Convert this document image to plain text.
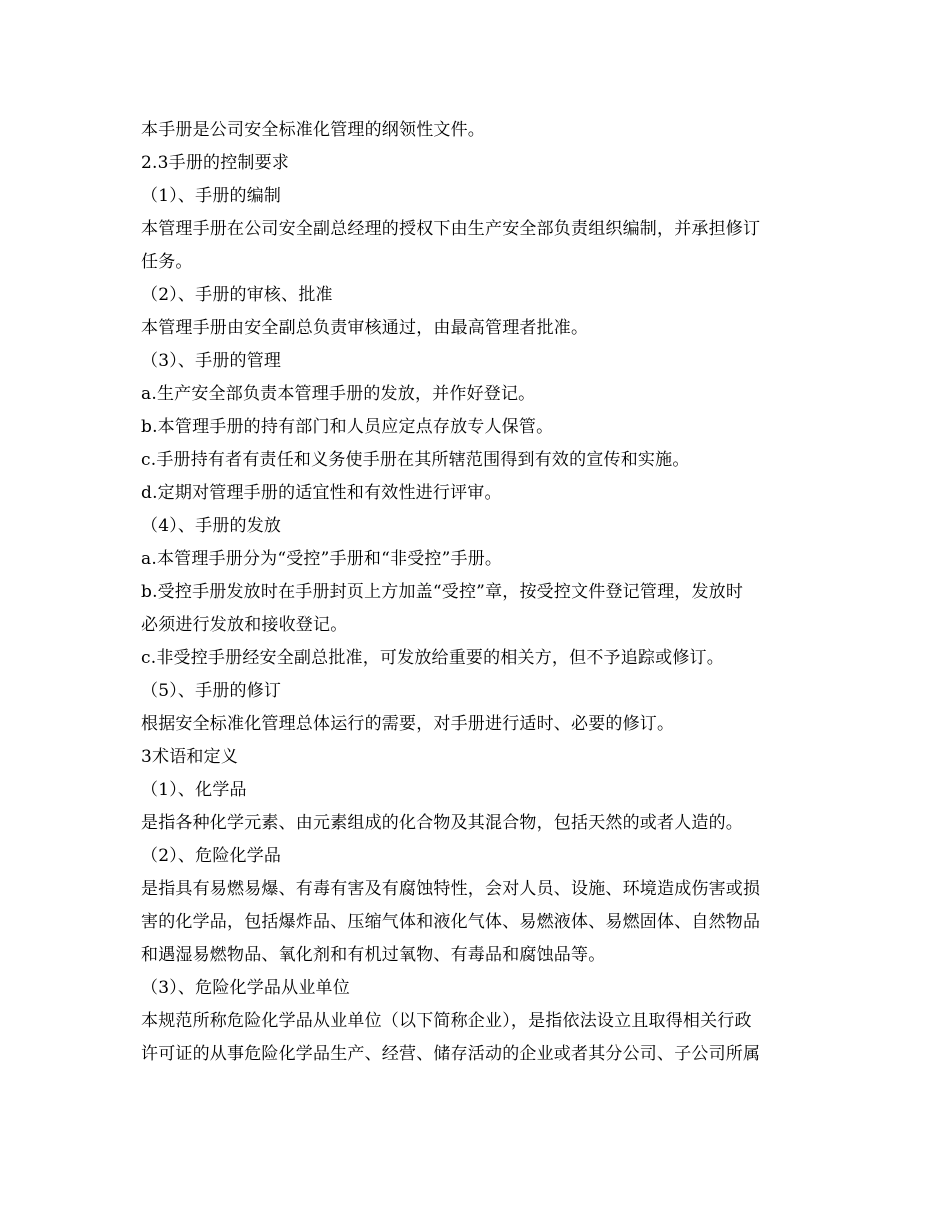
本手册是公司安全标准化管理的纲领性文件。
2.3手册的控制要求
（1）、手册的编制
本管理手册在公司安全副总经理的授权下由生产安全部负责组织编制，并承担修订
任务。
（2）、手册的审核、批准
本管理手册由安全副总负责审核通过，由最高管理者批准。
（3）、手册的管理
a.生产安全部负责本管理手册的发放，并作好登记。
b.本管理手册的持有部门和人员应定点存放专人保管。
c.手册持有者有责任和义务使手册在其所辖范围得到有效的宣传和实施。
d.定期对管理手册的适宜性和有效性进行评审。
（4）、手册的发放
a.本管理手册分为“受控”手册和“非受控”手册。
b.受控手册发放时在手册封页上方加盖“受控”章，按受控文件登记管理，发放时
必须进行发放和接收登记。
c.非受控手册经安全副总批准，可发放给重要的相关方，但不予追踪或修订。
（5）、手册的修订
根据安全标准化管理总体运行的需要，对手册进行适时、必要的修订。
3术语和定义
（1）、化学品
是指各种化学元素、由元素组成的化合物及其混合物，包括天然的或者人造的。
（2）、危险化学品
是指具有易燃易爆、有毒有害及有腐蚀特性，会对人员、设施、环境造成伤害或损
害的化学品，包括爆炸品、压缩气体和液化气体、易燃液体、易燃固体、自然物品
和遇湿易燃物品、氧化剂和有机过氧物、有毒品和腐蚀品等。
（3）、危险化学品从业单位
本规范所称危险化学品从业单位（以下简称企业），是指依法设立且取得相关行政
许可证的从事危险化学品生产、经营、储存活动的企业或者其分公司、子公司所属
